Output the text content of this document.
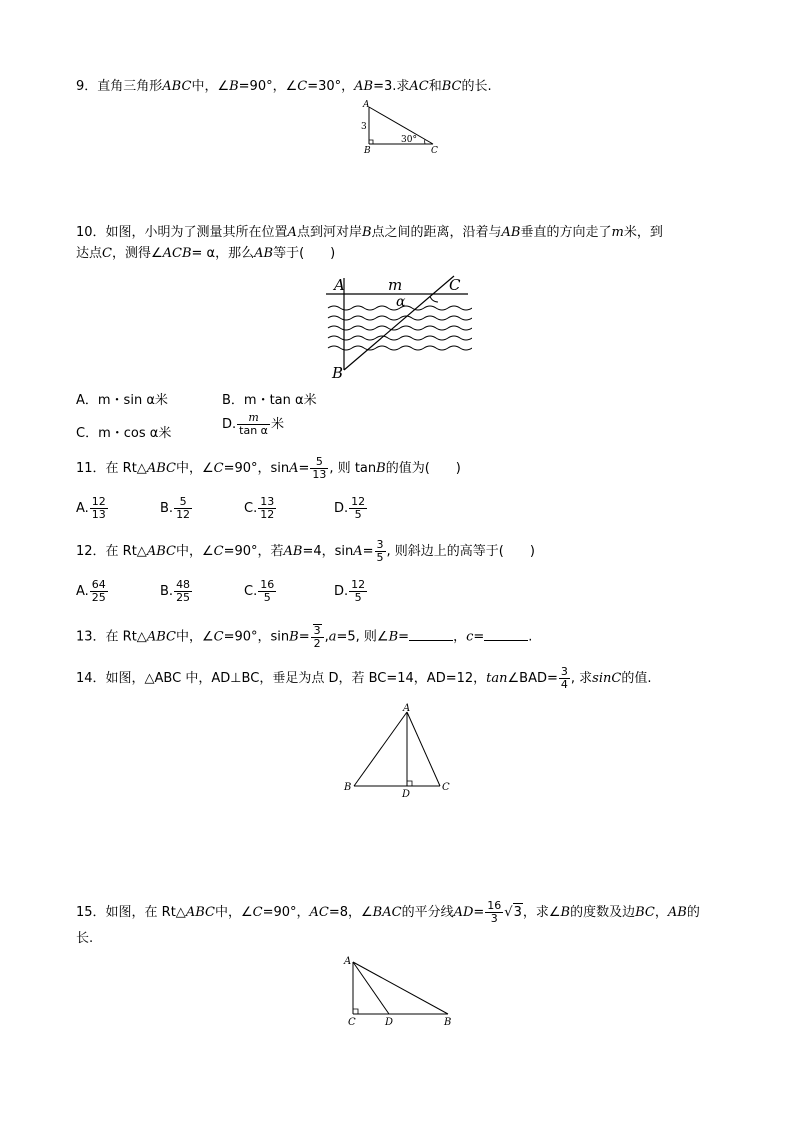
9．直角三角形ABC中，∠B=90°，∠C=30°，AB=3.求AC和BC的长.
A
B	C
3
30°
10．如图，小明为了测量其所在位置A点到河对岸B点之间的距离，沿着与AB垂直的方向走了m米，到
达点C，测得∠ACB= α，那么AB等于(　　)
A	m	C
α
B
A．m・sin α米	B．m・tan α米
C．m・cos α米
D. $\frac{m}{\text{tan α}}$ 米
11．在 Rt△ABC中，∠C=90°，$\sin A= \frac{5}{13}$ , 则 tanB的值为(　　)
A. $\frac{12}{13}$	B. $\frac{5}{12}$	C. $\frac{13}{12}$	D. $\frac{12}{5}$
12．在 Rt△ABC中，∠C=90°，若AB=4，$\sin A= \frac{3}{5}$ , 则斜边上的高等于(　　)
A. $\frac{64}{25}$	B. $\frac{48}{25}$	C. $\frac{16}{5}$	D. $\frac{12}{5}$
13．在 Rt△ABC中，∠C=90°，$\sin B= \frac{3}{2} ,a=5$, 则∠B=	，c=	.
14．如图，△ABC 中，AD⊥BC，垂足为点 D，若 BC=14，AD=12，tan∠BAD= $\frac{3}{4}$ , 求sinC的值.
A
B	C
D
15．如图，在 Rt△ABC中，∠C=90°，AC=8，∠BAC的平分线$AD= \frac{16}{3} √3$，求∠B的度数及边BC，AB的
长.
A
C	D	B
